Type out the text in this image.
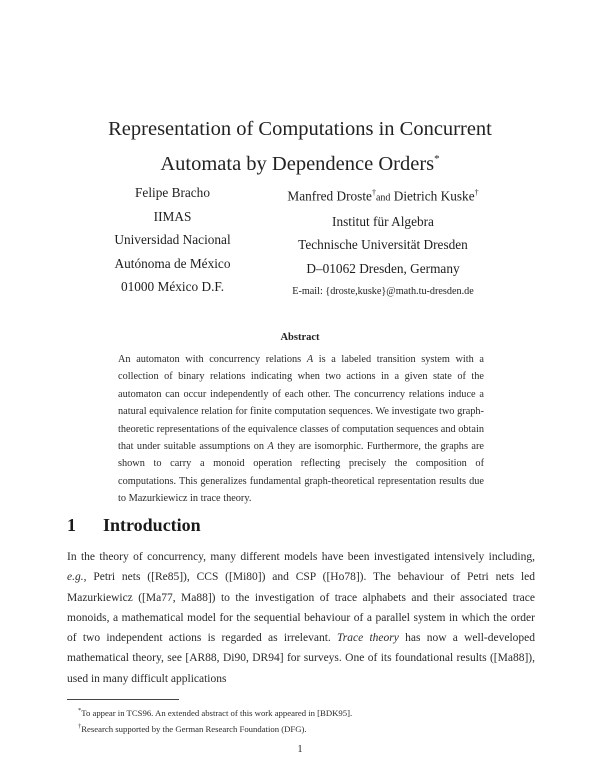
Representation of Computations in Concurrent
Automata by Dependence Orders*
Felipe Bracho
IIMAS
Universidad Nacional
Autónoma de México
01000 México D.F.
Manfred Droste†and Dietrich Kuske†
Institut für Algebra
Technische Universität Dresden
D–01062 Dresden, Germany
E-mail: {droste,kuske}@math.tu-dresden.de
Abstract
An automaton with concurrency relations A is a labeled transition system with a collection of binary relations indicating when two actions in a given state of the automaton can occur independently of each other. The concurrency relations induce a natural equivalence relation for finite computation sequences. We investigate two graph-theoretic representations of the equivalence classes of computation sequences and obtain that under suitable assumptions on A they are isomorphic. Furthermore, the graphs are shown to carry a monoid operation reflecting precisely the composition of computations. This generalizes fundamental graph-theoretical representation results due to Mazurkiewicz in trace theory.
1 Introduction
In the theory of concurrency, many different models have been investigated intensively including, e.g., Petri nets ([Re85]), CCS ([Mi80]) and CSP ([Ho78]). The behaviour of Petri nets led Mazurkiewicz ([Ma77, Ma88]) to the investigation of trace alphabets and their associated trace monoids, a mathematical model for the sequential behaviour of a parallel system in which the order of two independent actions is regarded as irrelevant. Trace theory has now a well-developed mathematical theory, see [AR88, Di90, DR94] for surveys. One of its foundational results ([Ma88]), used in many difficult applications
*To appear in TCS96. An extended abstract of this work appeared in [BDK95].
†Research supported by the German Research Foundation (DFG).
1
